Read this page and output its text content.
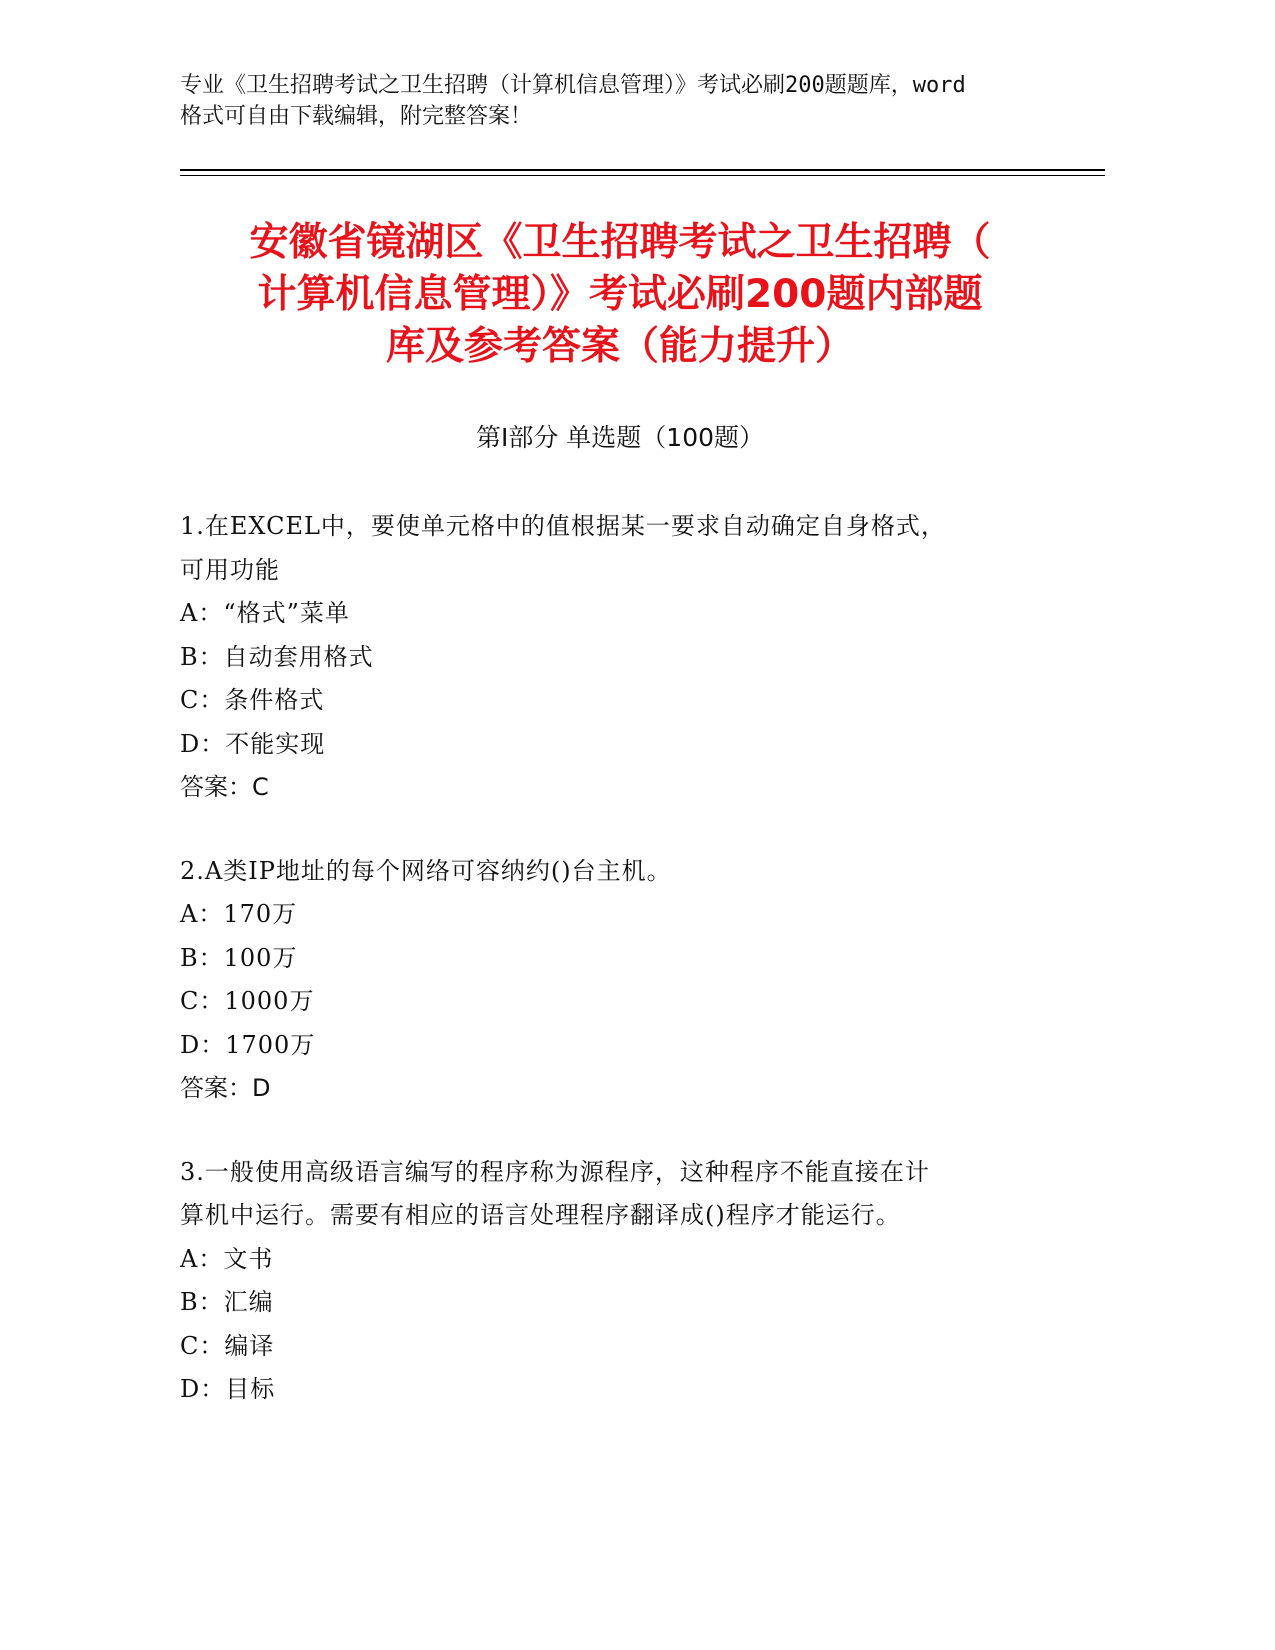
专业《卫生招聘考试之卫生招聘（计算机信息管理）》考试必刷200题题库，word
格式可自由下载编辑，附完整答案！
安徽省镜湖区《卫生招聘考试之卫生招聘（
计算机信息管理）》考试必刷200题内部题
库及参考答案（能力提升）
第Ⅰ部分 单选题（100题）
1.在EXCEL中，要使单元格中的值根据某一要求自动确定自身格式，
可用功能
A：“格式”菜单
B：自动套用格式
C：条件格式
D：不能实现
答案：C
2.A类IP地址的每个网络可容纳约()台主机。
A：170万
B：100万
C：1000万
D：1700万
答案：D
3.一般使用高级语言编写的程序称为源程序，这种程序不能直接在计
算机中运行。需要有相应的语言处理程序翻译成()程序才能运行。
A：文书
B：汇编
C：编译
D：目标
